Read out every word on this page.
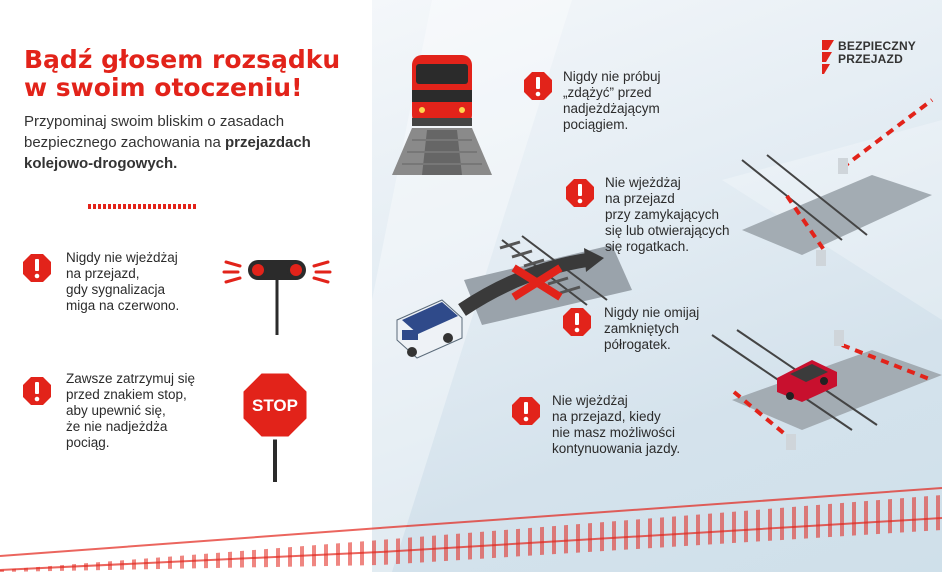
Bądź głosem rozsądku
w swoim otoczeniu!
Przypominaj swoim bliskim o zasadach bezpiecznego zachowania na przejazdach kolejowo-drogowych.
BEZPIECZNY
PRZEJAZD
Nigdy nie wjeżdżaj
na przejazd,
gdy sygnalizacja
miga na czerwono.
Zawsze zatrzymuj się
przed znakiem stop,
aby upewnić się,
że nie nadjeżdża
pociąg.
STOP
Nigdy nie próbuj
„zdążyć” przed
nadjeżdżającym
pociągiem.
Nie wjeżdżaj
na przejazd
przy zamykających
się lub otwierających
się rogatkach.
Nigdy nie omijaj
zamkniętych
półrogatek.
Nie wjeżdżaj
na przejazd, kiedy
nie masz możliwości
kontynuowania jazdy.
